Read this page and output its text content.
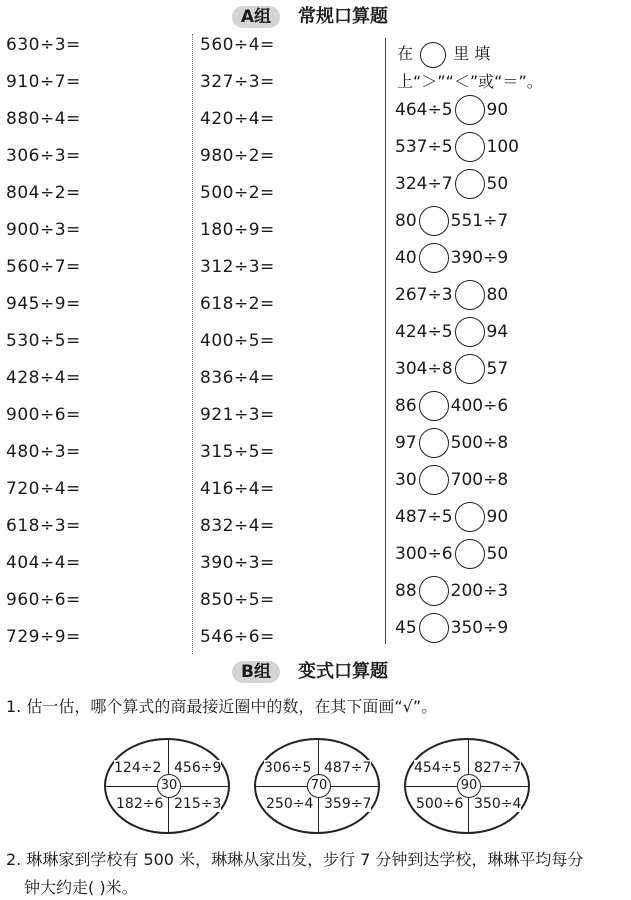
A组	常规口算题
630÷3=
910÷7=
880÷4=
306÷3=
804÷2=
900÷3=
560÷7=
945÷9=
530÷5=
428÷4=
900÷6=
480÷3=
720÷4=
618÷3=
404÷4=
960÷6=
729÷9=
560÷4=
327÷3=
420÷4=
980÷2=
500÷2=
180÷9=
312÷3=
618÷2=
400÷5=
836÷4=
921÷3=
315÷5=
416÷4=
832÷4=
390÷3=
850÷5=
546÷6=
在	里 填 上“＞”“＜”或“＝”。
464÷5 90
537÷5 100
324÷7 50
80 551÷7
40 390÷9
267÷3 80
424÷5 94
304÷8 57
86 400÷6
97 500÷8
30 700÷8
487÷5 90
300÷6 50
88 200÷3
45 350÷9
B组	变式口算题
1. 估一估，哪个算式的商最接近圈中的数，在其下面画“√”。
124÷2 456÷9
182÷6 215÷3
30
306÷5 487÷7
250÷4 359÷7
70
454÷5 827÷7
500÷6 350÷4
90
2. 琳琳家到学校有 500 米，琳琳从家出发，步行 7 分钟到达学校，琳琳平均每分
钟大约走( )米。
